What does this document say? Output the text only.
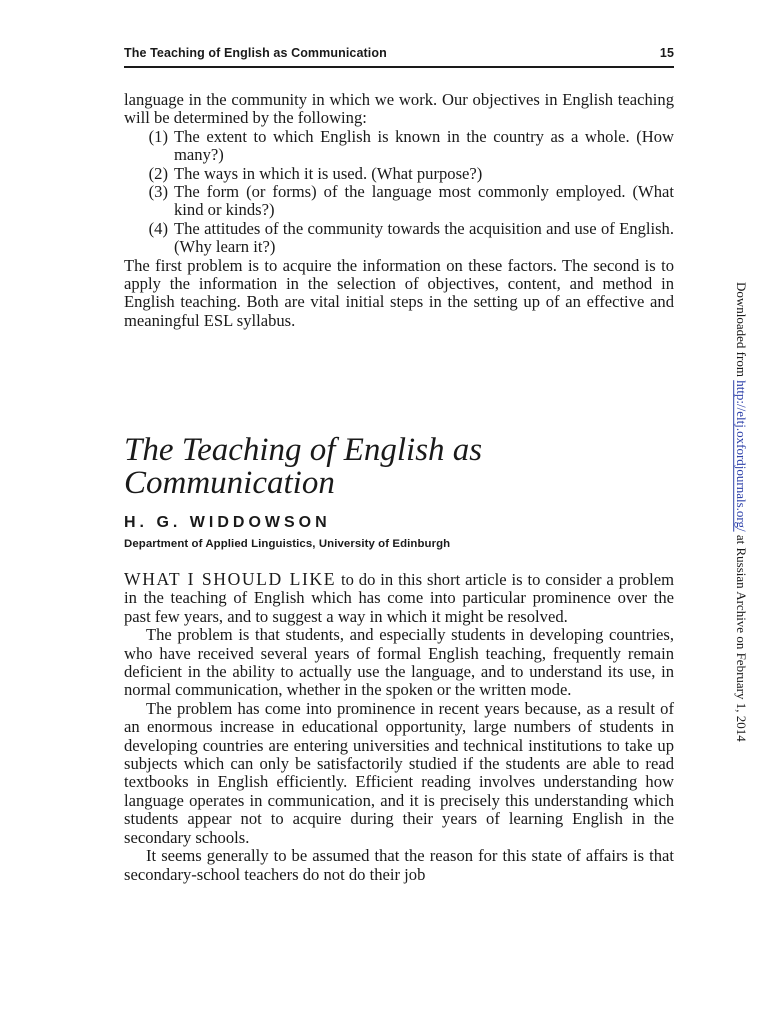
The Teaching of English as Communication	15

language in the community in which we work. Our objectives in English teaching will be determined by the following:

(1) The extent to which English is known in the country as a whole. (How many?)
(2) The ways in which it is used. (What purpose?)
(3) The form (or forms) of the language most commonly employed. (What kind or kinds?)
(4) The attitudes of the community towards the acquisition and use of English. (Why learn it?)

The first problem is to acquire the information on these factors. The second is to apply the information in the selection of objectives, content, and method in English teaching. Both are vital initial steps in the setting up of an effective and meaningful ESL syllabus.

The Teaching of English as
Communication
H. G. WIDDOWSON
Department of Applied Linguistics, University of Edinburgh

WHAT I SHOULD LIKE to do in this short article is to consider a problem in the teaching of English which has come into particular prominence over the past few years, and to suggest a way in which it might be resolved.

The problem is that students, and especially students in developing countries, who have received several years of formal English teaching, frequently remain deficient in the ability to actually use the language, and to understand its use, in normal communication, whether in the spoken or the written mode.

The problem has come into prominence in recent years because, as a result of an enormous increase in educational opportunity, large numbers of students in developing countries are entering universities and technical institutions to take up subjects which can only be satisfactorily studied if the students are able to read textbooks in English efficiently. Efficient reading involves understanding how language operates in communication, and it is precisely this understanding which students appear not to acquire during their years of learning English in the secondary schools.

It seems generally to be assumed that the reason for this state of affairs is that secondary-school teachers do not do their job

Downloaded from http://eltj.oxfordjournals.org/ at Russian Archive on February 1, 2014
